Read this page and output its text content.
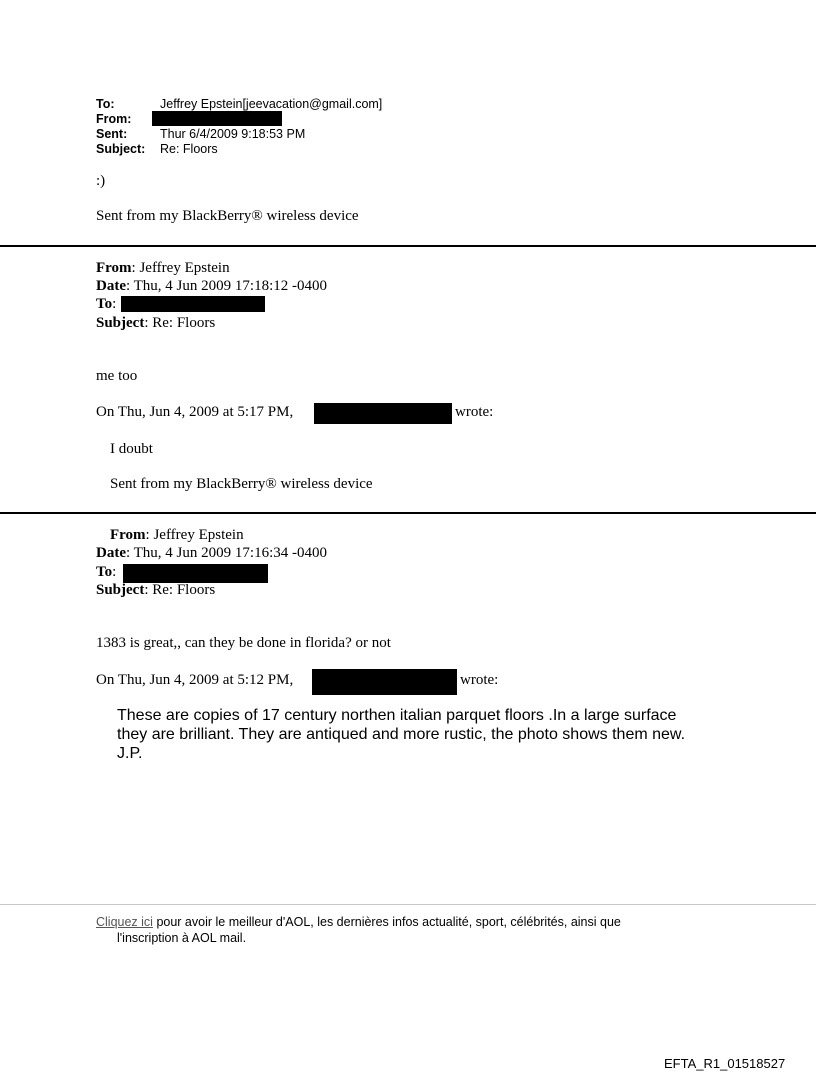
To:	Jeffrey Epstein[jeevacation@gmail.com]
From:
Sent:	Thur 6/4/2009 9:18:53 PM
Subject: Re: Floors
:)
Sent from my BlackBerry® wireless device
From: Jeffrey Epstein
Date: Thu, 4 Jun 2009 17:18:12 -0400
To:
Subject: Re: Floors
me too
On Thu, Jun 4, 2009 at 5:17 PM,	wrote:
I doubt
Sent from my BlackBerry® wireless device
From: Jeffrey Epstein
Date: Thu, 4 Jun 2009 17:16:34 -0400
To:
Subject: Re: Floors
1383 is great,, can they be done in florida? or not
On Thu, Jun 4, 2009 at 5:12 PM,	wrote:
These are copies of 17 century northen italian parquet floors .In a large surface
they are brilliant. They are antiqued and more rustic, the photo shows them new.
J.P.
Cliquez ici pour avoir le meilleur d'AOL, les dernières infos actualité, sport, célébrités, ainsi que
l'inscription à AOL mail.
EFTA_R1_01518527
